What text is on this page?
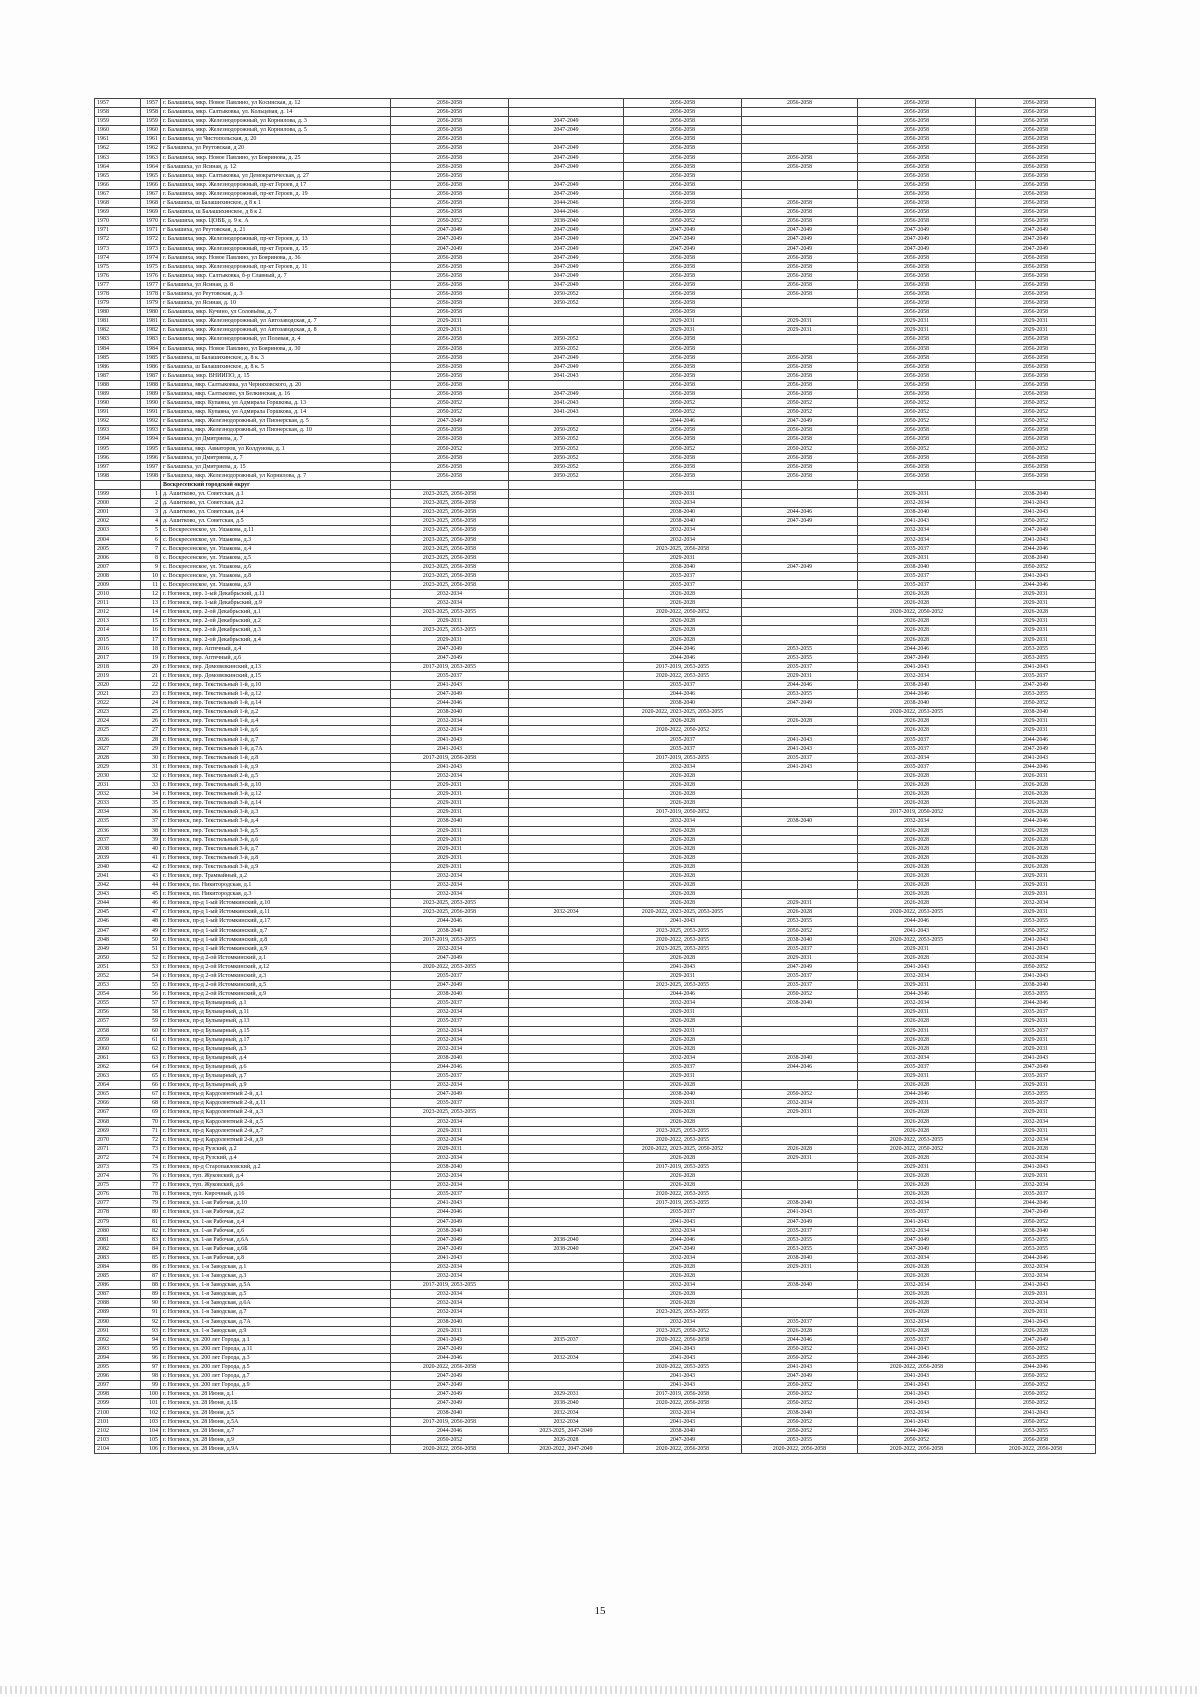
1957	1957	г. Балашиха, мкр. Новое Павлино, ул Косинская, д. 12	2056-2058		2056-2058	2056-2058	2056-2058	2056-2058
1958	1958	г. Балашиха, мкр. Салтыковка, ул. Кольцевая, д. 14	2056-2058		2056-2058		2056-2058	2056-2058
1959	1959	г. Балашиха, мкр. Железнодорожный, ул Корнилова, д. 3	2056-2058	2047-2049	2056-2058		2056-2058	2056-2058
1960	1960	г. Балашиха, мкр. Железнодорожный, ул Корнилова, д. 5	2056-2058	2047-2049	2056-2058		2056-2058	2056-2058
1961	1961	г. Балашиха, ул Чистопольская, д. 20	2056-2058		2056-2058		2056-2058	2056-2058
1962	1962	г Балашиха, ул Реутовская, д 20	2056-2058	2047-2049	2056-2058		2056-2058	2056-2058
1963	1963	г. Балашиха, мкр. Новое Павлино, ул Бояринова, д. 25	2056-2058	2047-2049	2056-2058	2056-2058	2056-2058	2056-2058
1964	1964	г Балашиха, ул Ясиная, д. 12	2056-2058	2047-2049	2056-2058	2056-2058	2056-2058	2056-2058
1965	1965	г. Балашиха, мкр. Салтыковка, ул Демократическая, д. 27	2056-2058		2056-2058		2056-2058	2056-2058
1966	1966	г. Балашиха, мкр. Железнодорожный, пр-кт Героев, д 17	2056-2058	2047-2049	2056-2058		2056-2058	2056-2058
1967	1967	г. Балашиха, мкр. Железнодорожный, пр-кт Героев, д. 19	2056-2058	2047-2049	2056-2058		2056-2058	2056-2058
1968	1968	г Балашиха, ш Балашихинское, д 8 к 1	2056-2058	2044-2046	2056-2058	2056-2058	2056-2058	2056-2058
1969	1969	г. Балашиха, ш Балашихинское, д 8 к 2	2056-2058	2044-2046	2056-2058	2056-2058	2056-2058	2056-2058
1970	1970	г. Балашиха, мкр. ЦОВБ, д. 9 к. А	2050-2052	2038-2040	2050-2052	2056-2058	2056-2058	2056-2058
1971	1971	г Балашиха, ул Реутовская, д. 21	2047-2049	2047-2049	2047-2049	2047-2049	2047-2049	2047-2049
1972	1972	г. Балашиха, мкр. Железнодорожный, пр-кт Героев, д. 13	2047-2049	2047-2049	2047-2049	2047-2049	2047-2049	2047-2049
1973	1973	г. Балашиха, мкр. Железнодорожный, пр-кт Героев, д. 15	2047-2049	2047-2049	2047-2049	2047-2049	2047-2049	2047-2049
1974	1974	г. Балашиха, мкр. Новое Павлино, ул Бояринова, д. 36	2056-2058	2047-2049	2056-2058	2056-2058	2056-2058	2056-2058
1975	1975	г. Балашиха, мкр. Железнодорожный, пр-кт Героев, д. 11	2056-2058	2047-2049	2056-2058	2056-2058	2056-2058	2056-2058
1976	1976	г. Балашиха, мкр. Салтыковка, б-р Славный, д. 7	2056-2058	2047-2049	2056-2058	2056-2058	2056-2058	2056-2058
1977	1977	г Балашиха, ул Ясиная, д. 8	2056-2058	2047-2049	2056-2058	2056-2058	2056-2058	2056-2058
1978	1978	г Балашиха, ул Реутовская, д. 3	2056-2058	2050-2052	2056-2058	2056-2058	2056-2058	2056-2058
1979	1979	г Балашиха, ул Ясиная, д. 10	2056-2058	2050-2052	2056-2058		2056-2058	2056-2058
1980	1980	г. Балашиха, мкр. Кучино, ул Соловьёва, д. 7	2056-2058		2056-2058		2056-2058	2056-2058
1981	1981	г. Балашиха, мкр. Железнодорожный, ул Автозаводская, д. 7	2029-2031		2029-2031	2029-2031	2029-2031	2029-2031
1982	1982	г. Балашиха, мкр. Железнодорожный, ул Автозаводская, д. 8	2029-2031		2029-2031	2029-2031	2029-2031	2029-2031
1983	1983	г. Балашиха, мкр. Железнодорожный, ул Полевая, д. 4	2056-2058	2050-2052	2056-2058		2056-2058	2056-2058
1984	1984	г. Балашиха, мкр. Новое Павлино, ул Бояринова, д. 30	2056-2058	2050-2052	2056-2058		2056-2058	2056-2058
1985	1985	г Балашиха, ш Балашихинское, д. 8 к. 3	2056-2058	2047-2049	2056-2058	2056-2058	2056-2058	2056-2058
1986	1986	г Балашиха, ш Балашихинское, д. 8 к. 5	2056-2058	2047-2049	2056-2058	2056-2058	2056-2058	2056-2058
1987	1987	г. Балашиха, мкр. ВНИИПО, д. 15	2056-2058	2041-2043	2056-2058	2056-2058	2056-2058	2056-2058
1988	1988	г Балашиха, мкр. Салтыковка, ул Черняховского, д. 20	2056-2058		2056-2058	2056-2058	2056-2058	2056-2058
1989	1989	г Балашиха, мкр. Салтыково, ул Белкинская, д. 16	2056-2058	2047-2049	2056-2058	2056-2058	2056-2058	2056-2058
1990	1990	г Балашиха, мкр. Купавна, ул Адмирала Горшкова, д. 13	2050-2052	2041-2043	2050-2052	2050-2052	2050-2052	2050-2052
1991	1991	г Балашиха, мкр. Купавна, ул Адмирала Горшкова, д. 14	2050-2052	2041-2043	2050-2052	2050-2052	2050-2052	2050-2052
1992	1992	г Балашиха, мкр. Железнодорожный, ул Пионерская, д. 5	2047-2049		2044-2046	2047-2049	2050-2052	2050-2052
1993	1993	г Балашиха, мкр. Железнодорожный, ул Пионерская, д. 10	2056-2058	2050-2052	2056-2058	2056-2058	2056-2058	2056-2058
1994	1994	г Балашиха, ул Дмитриева, д. 7	2056-2058	2050-2052	2056-2058	2056-2058	2056-2058	2056-2058
1995	1995	г Балашиха, мкр. Авиаторов, ул Колдунова, д. 1	2050-2052	2050-2052	2050-2052	2050-2052	2050-2052	2050-2052
1996	1996	г Балашиха, ул Дмитриева, д. 7	2056-2058	2050-2052	2056-2058	2056-2058	2056-2058	2056-2058
1997	1997	г Балашиха, ул Дмитриева, д. 15	2056-2058	2050-2052	2056-2058	2056-2058	2056-2058	2056-2058
1998	1998	г Балашиха, мкр. Железнодорожный, ул Корнилова, д. 7	2056-2058	2050-2052	2056-2058	2056-2058	2056-2058	2056-2058
		Воскресенский городской округ						
1999	1	д. Ашитково, ул. Советская, д.1	2023-2025, 2056-2058		2029-2031		2029-2031	2038-2040
2000	2	д. Ашитково, ул. Советская, д.2	2023-2025, 2056-2058		2032-2034		2032-2034	2041-2043
2001	3	д. Ашитково, ул. Советская, д.4	2023-2025, 2056-2058		2038-2040	2044-2046	2038-2040	2041-2043
2002	4	д. Ашитково, ул. Советская, д.5	2023-2025, 2056-2058		2038-2040	2047-2049	2041-2043	2050-2052
2003	5	с. Воскресенское, ул. Ушакова, д.11	2023-2025, 2056-2058		2032-2034		2032-2034	2047-2049
2004	6	с. Воскресенское, ул. Ушакова, д.3	2023-2025, 2056-2058		2032-2034		2032-2034	2041-2043
2005	7	с. Воскресенское, ул. Ушакова, д.4	2023-2025, 2056-2058		2023-2025, 2056-2058		2035-2037	2044-2046
2006	8	с. Воскресенское, ул. Ушакова, д.5	2023-2025, 2056-2058		2029-2031		2029-2031	2038-2040
2007	9	с. Воскресенское, ул. Ушакова, д.6	2023-2025, 2056-2058		2038-2040	2047-2049	2038-2040	2050-2052
2008	10	с. Воскресенское, ул. Ушакова, д.8	2023-2025, 2056-2058		2035-2037		2035-2037	2041-2043
2009	11	с. Воскресенское, ул. Ушакова, д.9	2023-2025, 2056-2058		2035-2037		2035-2037	2044-2046
2010	12	г. Ногинск, пер. 1-ый Декабрьский, д.11	2032-2034		2026-2028		2026-2028	2029-2031
2011	13	г. Ногинск, пер. 1-ый Декабрьский, д.9	2032-2034		2026-2028		2026-2028	2029-2031
2012	14	г. Ногинск, пер. 2-ой Декабрьский, д.1	2023-2025, 2053-2055		2020-2022, 2050-2052		2020-2022, 2050-2052	2026-2028
2013	15	г. Ногинск, пер. 2-ой Декабрьский, д.2	2029-2031		2026-2028		2026-2028	2029-2031
2014	16	г. Ногинск, пер. 2-ой Декабрьский, д.3	2023-2025, 2053-2055		2026-2028		2026-2028	2029-2031
2015	17	г. Ногинск, пер. 2-ой Декабрьский, д.4	2029-2031		2026-2028		2026-2028	2029-2031
2016	18	г. Ногинск, пер. Аптечный, д.4	2047-2049		2044-2046	2053-2055	2044-2046	2053-2055
2017	19	г. Ногинск, пер. Аптечный, д.6	2047-2049		2044-2046	2053-2055	2047-2049	2053-2055
2018	20	г. Ногинск, пер. Домовязкинский, д.13	2017-2019, 2053-2055		2017-2019, 2053-2055	2035-2037	2041-2043	2041-2043
2019	21	г. Ногинск, пер. Домовязкинский, д.15	2035-2037		2020-2022, 2053-2055	2029-2031	2032-2034	2035-2037
2020	22	г. Ногинск, пер. Текстильный 1-й, д.10	2041-2043		2035-2037	2044-2046	2038-2040	2047-2049
2021	23	г. Ногинск, пер. Текстильный 1-й, д.12	2047-2049		2044-2046	2053-2055	2044-2046	2053-2055
2022	24	г. Ногинск, пер. Текстильный 1-й, д.14	2044-2046		2038-2040	2047-2049	2038-2040	2050-2052
2023	25	г. Ногинск, пер. Текстильный 1-й, д.2	2038-2040		2020-2022, 2023-2025, 2053-2055		2020-2022, 2053-2055	2038-2040
2024	26	г. Ногинск, пер. Текстильный 1-й, д.4	2032-2034		2026-2028	2026-2028	2026-2028	2029-2031
2025	27	г. Ногинск, пер. Текстильный 1-й, д.6	2032-2034		2020-2022, 2050-2052		2026-2028	2029-2031
2026	28	г. Ногинск, пер. Текстильный 1-й, д.7	2041-2043		2035-2037	2041-2043	2035-2037	2044-2046
2027	29	г. Ногинск, пер. Текстильный 1-й, д.7А	2041-2043		2035-2037	2041-2043	2035-2037	2047-2049
2028	30	г. Ногинск, пер. Текстильный 1-й, д.8	2017-2019, 2056-2058		2017-2019, 2053-2055	2035-2037	2032-2034	2041-2043
2029	31	г. Ногинск, пер. Текстильный 1-й, д.9	2041-2043		2032-2034	2041-2043	2035-2037	2044-2046
2030	32	г. Ногинск, пер. Текстильный 2-й, д.5	2032-2034		2026-2028		2026-2028	2026-2031
2031	33	г. Ногинск, пер. Текстильный 3-й, д.10	2029-2031		2026-2028		2026-2028	2026-2028
2032	34	г. Ногинск, пер. Текстильный 3-й, д.12	2029-2031		2026-2028		2026-2028	2026-2028
2033	35	г. Ногинск, пер. Текстильный 3-й, д.14	2029-2031		2026-2028		2026-2028	2026-2028
2034	36	г. Ногинск, пер. Текстильный 3-й, д.3	2029-2031		2017-2019, 2050-2052		2017-2019, 2050-2052	2026-2028
2035	37	г. Ногинск, пер. Текстильный 3-й, д.4	2038-2040		2032-2034	2038-2040	2032-2034	2044-2046
2036	38	г. Ногинск, пер. Текстильный 3-й, д.5	2029-2031		2026-2028		2026-2028	2026-2028
2037	39	г. Ногинск, пер. Текстильный 3-й, д.6	2029-2031		2026-2028		2026-2028	2026-2028
2038	40	г. Ногинск, пер. Текстильный 3-й, д.7	2029-2031		2026-2028		2026-2028	2026-2028
2039	41	г. Ногинск, пер. Текстильный 3-й, д.8	2029-2031		2026-2028		2026-2028	2026-2028
2040	42	г. Ногинск, пер. Текстильный 3-й, д.9	2029-2031		2026-2028		2026-2028	2026-2028
2041	43	г. Ногинск, пер. Трамвайный, д.2	2032-2034		2026-2028		2026-2028	2029-2031
2042	44	г. Ногинск, пл. Никитородская, д.1	2032-2034		2026-2028		2026-2028	2029-2031
2043	45	г. Ногинск, пл. Никитородская, д.3	2032-2034		2026-2028		2026-2028	2029-2031
2044	46	г. Ногинск, пр-д 1-ый Истомкинский, д.10	2023-2025, 2053-2055		2026-2028	2029-2031	2026-2028	2032-2034
2045	47	г. Ногинск, пр-д 1-ый Истомкинский, д.11	2023-2025, 2056-2058	2032-2034	2020-2022, 2023-2025, 2053-2055	2026-2028	2020-2022, 2053-2055	2029-2031
2046	48	г. Ногинск, пр-д 1-ый Истомкинский, д.17	2044-2046		2041-2043	2053-2055	2044-2046	2053-2055
2047	49	г. Ногинск, пр-д 1-ый Истомкинский, д.7	2038-2040		2023-2025, 2053-2055	2050-2052	2041-2043	2050-2052
2048	50	г. Ногинск, пр-д 1-ый Истомкинский, д.8	2017-2019, 2053-2055		2020-2022, 2053-2055	2038-2040	2020-2022, 2053-2055	2041-2043
2049	51	г. Ногинск, пр-д 1-ый Истомкинский, д.9	2032-2034		2023-2025, 2053-2055	2035-2037	2029-2031	2041-2043
2050	52	г. Ногинск, пр-д 2-ой Истомкинский, д.1	2047-2049		2026-2028	2029-2031	2026-2028	2032-2034
2051	53	г. Ногинск, пр-д 2-ой Истомкинский, д.12	2020-2022, 2053-2055		2041-2043	2047-2049	2041-2043	2050-2052
2052	54	г. Ногинск, пр-д 2-ой Истомкинский, д.3	2035-2037		2029-2031	2035-2037	2032-2034	2041-2043
2053	55	г. Ногинск, пр-д 2-ой Истомкинский, д.5	2047-2049		2023-2025, 2053-2055	2035-2037	2029-2031	2038-2040
2054	56	г. Ногинск, пр-д 2-ой Истомкинский, д.9	2038-2040		2044-2046	2050-2052	2044-2046	2053-2055
2055	57	г. Ногинск, пр-д Бульварный, д.1	2035-2037		2032-2034	2038-2040	2032-2034	2044-2046
2056	58	г. Ногинск, пр-д Бульварный, д.11	2032-2034		2029-2031		2029-2031	2035-2037
2057	59	г. Ногинск, пр-д Бульварный, д.13	2035-2037		2026-2028		2026-2028	2029-2031
2058	60	г. Ногинск, пр-д Бульварный, д.15	2032-2034		2029-2031		2029-2031	2035-2037
2059	61	г. Ногинск, пр-д Бульварный, д.17	2032-2034		2026-2028		2026-2028	2029-2031
2060	62	г. Ногинск, пр-д Бульварный, д.3	2032-2034		2026-2028		2026-2028	2029-2031
2061	63	г. Ногинск, пр-д Бульварный, д.4	2038-2040		2032-2034	2038-2040	2032-2034	2041-2043
2062	64	г. Ногинск, пр-д Бульварный, д.6	2044-2046		2035-2037	2044-2046	2035-2037	2047-2049
2063	65	г. Ногинск, пр-д Бульварный, д.7	2035-2037		2029-2031		2029-2031	2035-2037
2064	66	г. Ногинск, пр-д Бульварный, д.9	2032-2034		2026-2028		2026-2028	2029-2031
2065	67	г. Ногинск, пр-д Кардолентный 2-й, д.1	2047-2049		2038-2040	2050-2052	2044-2046	2053-2055
2066	68	г. Ногинск, пр-д Кардолентный 2-й, д.11	2035-2037		2029-2031	2032-2034	2029-2031	2035-2037
2067	69	г. Ногинск, пр-д Кардолентный 2-й, д.3	2023-2025, 2053-2055		2026-2028	2029-2031	2026-2028	2029-2031
2068	70	г. Ногинск, пр-д Кардолентный 2-й, д.5	2032-2034		2026-2028		2026-2028	2032-2034
2069	71	г. Ногинск, пр-д Кардолентный 2-й, д.7	2029-2031		2023-2025, 2053-2055		2026-2028	2029-2031
2070	72	г. Ногинск, пр-д Кардолентный 2-й, д.9	2032-2034		2020-2022, 2053-2055		2020-2022, 2053-2055	2032-2034
2071	73	г. Ногинск, пр-д Рузский, д.2	2029-2031		2020-2022, 2023-2025, 2050-2052	2026-2028	2020-2022, 2050-2052	2026-2028
2072	74	г. Ногинск, пр-д Рузский, д.4	2032-2034		2026-2028	2029-2031	2026-2028	2032-2034
2073	75	г. Ногинск, пр-д Старопавловский, д.2	2038-2040		2017-2019, 2053-2055		2029-2031	2041-2043
2074	76	г. Ногинск, туп. Жуковский, д.4	2032-2034		2026-2028		2026-2028	2029-2031
2075	77	г. Ногинск, туп. Жуковский, д.6	2032-2034		2026-2028		2026-2028	2032-2034
2076	78	г. Ногинск, туп. Кирочный, д.16	2035-2037		2020-2022, 2053-2055		2026-2028	2035-2037
2077	79	г. Ногинск, ул. 1-ая Рабочая, д.10	2041-2043		2017-2019, 2053-2055	2038-2040	2032-2034	2044-2046
2078	80	г. Ногинск, ул. 1-ая Рабочая, д.2	2044-2046		2035-2037	2041-2043	2035-2037	2047-2049
2079	81	г. Ногинск, ул. 1-ая Рабочая, д.4	2047-2049		2041-2043	2047-2049	2041-2043	2050-2052
2080	82	г. Ногинск, ул. 1-ая Рабочая, д.6	2038-2040		2032-2034	2035-2037	2032-2034	2038-2040
2081	83	г. Ногинск, ул. 1-ая Рабочая, д.6А	2047-2049	2038-2040	2044-2046	2053-2055	2047-2049	2053-2055
2082	84	г. Ногинск, ул. 1-ая Рабочая, д.6Б	2047-2049	2038-2040	2047-2049	2053-2055	2047-2049	2053-2055
2083	85	г. Ногинск, ул. 1-ая Рабочая, д.8	2041-2043		2032-2034	2038-2040	2032-2034	2044-2046
2084	86	г. Ногинск, ул. 1-я Заводская, д.1	2032-2034		2026-2028	2029-2031	2026-2028	2032-2034
2085	87	г. Ногинск, ул. 1-я Заводская, д.3	2032-2034		2026-2028		2026-2028	2032-2034
2086	88	г. Ногинск, ул. 1-я Заводская, д.5А	2017-2019, 2053-2055		2032-2034	2038-2040	2032-2034	2041-2043
2087	89	г. Ногинск, ул. 1-я Заводская, д.5	2032-2034		2026-2028		2026-2028	2029-2031
2088	90	г. Ногинск, ул. 1-я Заводская, д.6А	2032-2034		2026-2028		2026-2028	2032-2034
2089	91	г. Ногинск, ул. 1-я Заводская, д.7	2032-2034		2023-2025, 2053-2055		2026-2028	2029-2031
2090	92	г. Ногинск, ул. 1-я Заводская, д.7А	2038-2040		2032-2034	2035-2037	2032-2034	2041-2043
2091	93	г. Ногинск, ул. 1-я Заводская, д.9	2029-2031		2023-2025, 2050-2052	2026-2028	2026-2028	2026-2028
2092	94	г. Ногинск, ул. 200 лет Города, д.1	2041-2043	2035-2037	2020-2022, 2056-2058	2044-2046	2035-2037	2047-2049
2093	95	г. Ногинск, ул. 200 лет Города, д.11	2047-2049		2041-2043	2050-2052	2041-2043	2050-2052
2094	96	г. Ногинск, ул. 200 лет Города, д.3	2044-2046	2032-2034	2041-2043	2050-2052	2044-2046	2053-2055
2095	97	г. Ногинск, ул. 200 лет Города, д.5	2020-2022, 2056-2058		2020-2022, 2053-2055	2041-2043	2020-2022, 2056-2058	2044-2046
2096	98	г. Ногинск, ул. 200 лет Города, д.7	2047-2049		2041-2043	2047-2049	2041-2043	2050-2052
2097	99	г. Ногинск, ул. 200 лет Города, д.9	2047-2049		2041-2043	2050-2052	2041-2043	2050-2052
2098	100	г. Ногинск, ул. 28 Июня, д.1	2047-2049	2029-2031	2017-2019, 2056-2058	2050-2052	2041-2043	2050-2052
2099	101	г. Ногинск, ул. 28 Июня, д.1Б	2047-2049	2038-2040	2020-2022, 2056-2058	2050-2052	2041-2043	2050-2052
2100	102	г. Ногинск, ул. 28 Июня, д.5	2038-2040	2032-2034	2032-2034	2038-2040	2032-2034	2041-2043
2101	103	г. Ногинск, ул. 28 Июня, д.5А	2017-2019, 2056-2058	2032-2034	2041-2043	2050-2052	2041-2043	2050-2052
2102	104	г. Ногинск, ул. 28 Июня, д.7	2044-2046	2023-2025, 2047-2049	2038-2040	2050-2052	2044-2046	2053-2055
2103	105	г. Ногинск, ул. 28 Июня, д.9	2050-2052	2026-2028	2047-2049	2053-2055	2050-2052	2056-2058
2104	106	г. Ногинск, ул. 28 Июня, д.9А	2020-2022, 2056-2058	2020-2022, 2047-2049	2020-2022, 2056-2058	2020-2022, 2056-2058	2020-2022, 2056-2058	2020-2022, 2056-2058
15
